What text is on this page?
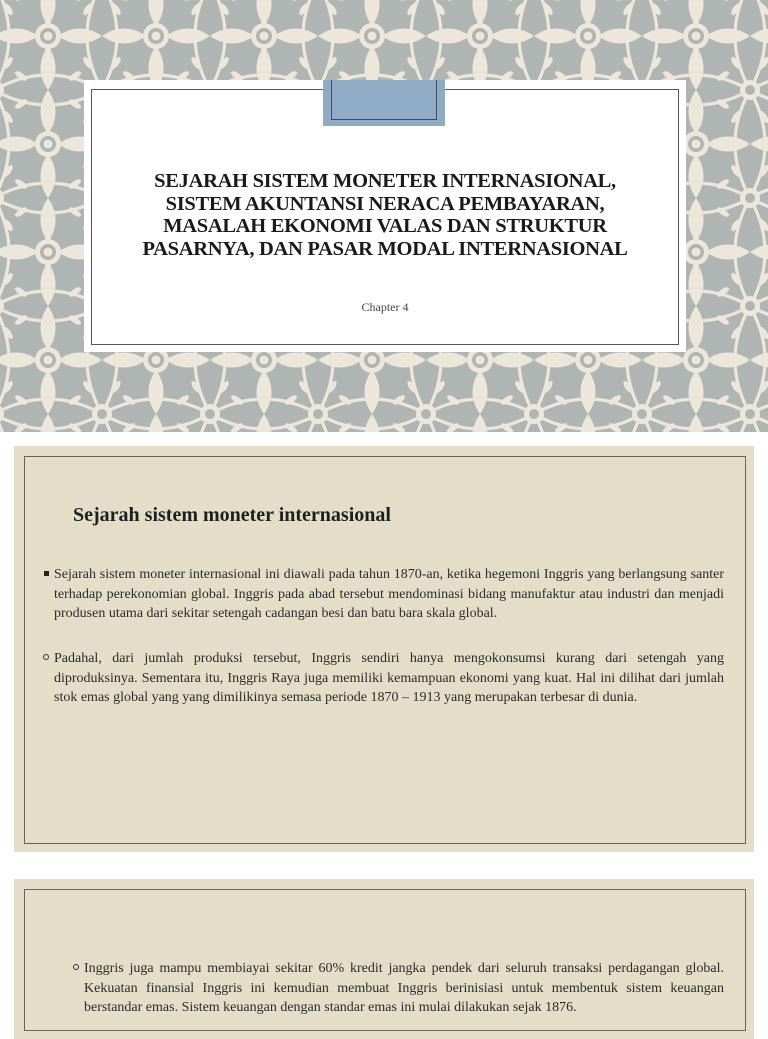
SEJARAH SISTEM MONETER INTERNASIONAL,
SISTEM AKUNTANSI NERACA PEMBAYARAN,
MASALAH EKONOMI VALAS DAN STRUKTUR
PASARNYA, DAN PASAR MODAL INTERNASIONAL
Chapter 4
Sejarah sistem moneter internasional
Sejarah sistem moneter internasional ini diawali pada tahun 1870-an, ketika hegemoni Inggris yang berlangsung santer terhadap perekonomian global. Inggris pada abad tersebut mendominasi bidang manufaktur atau industri dan menjadi produsen utama dari sekitar setengah cadangan besi dan batu bara skala global.
Padahal, dari jumlah produksi tersebut, Inggris sendiri hanya mengokonsumsi kurang dari setengah yang diproduksinya. Sementara itu, Inggris Raya juga memiliki kemampuan ekonomi yang kuat. Hal ini dilihat dari jumlah stok emas global yang yang dimilikinya semasa periode 1870 – 1913 yang merupakan terbesar di dunia.
Inggris juga mampu membiayai sekitar 60% kredit jangka pendek dari seluruh transaksi perdagangan global. Kekuatan finansial Inggris ini kemudian membuat Inggris berinisiasi untuk membentuk sistem keuangan berstandar emas. Sistem keuangan dengan standar emas ini mulai dilakukan sejak 1876.
